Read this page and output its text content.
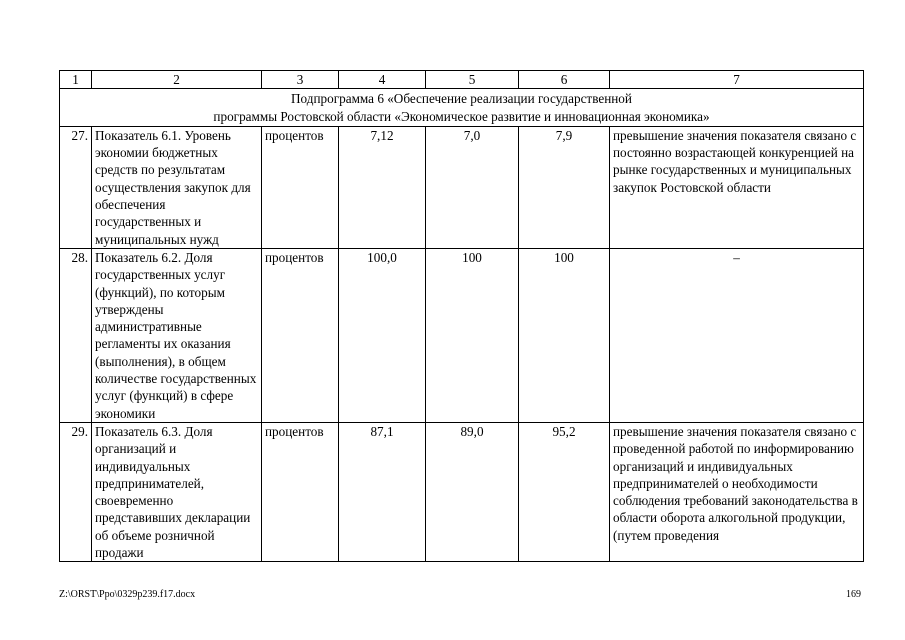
1	2	3	4	5	6	7
Подпрограмма 6 «Обеспечение реализации государственной
программы Ростовской области «Экономическое развитие и инновационная экономика»						
27.	Показатель 6.1. Уровень экономии бюджетных средств по результатам осуществления закупок для обеспечения государственных и муниципальных нужд	процентов	7,12	7,0	7,9	превышение значения показателя связано с постоянно возрастающей конкуренцией на рынке государственных и муниципальных закупок Ростовской области
28.	Показатель 6.2. Доля государственных услуг (функций), по которым утверждены административные регламенты их оказания (выполнения), в общем количестве государственных услуг (функций) в сфере экономики	процентов	100,0	100	100	–
29.	Показатель 6.3. Доля организаций и индивидуальных предпринимателей, своевременно представивших декларации об объеме розничной продажи	процентов	87,1	89,0	95,2	превышение значения показателя связано с проведенной работой по информированию организаций и индивидуальных предпринимателей о необходимости соблюдения требований законодательства в области оборота алкогольной продукции, (путем проведения
Z:\ORST\Ppo\0329p239.f17.docx	169
